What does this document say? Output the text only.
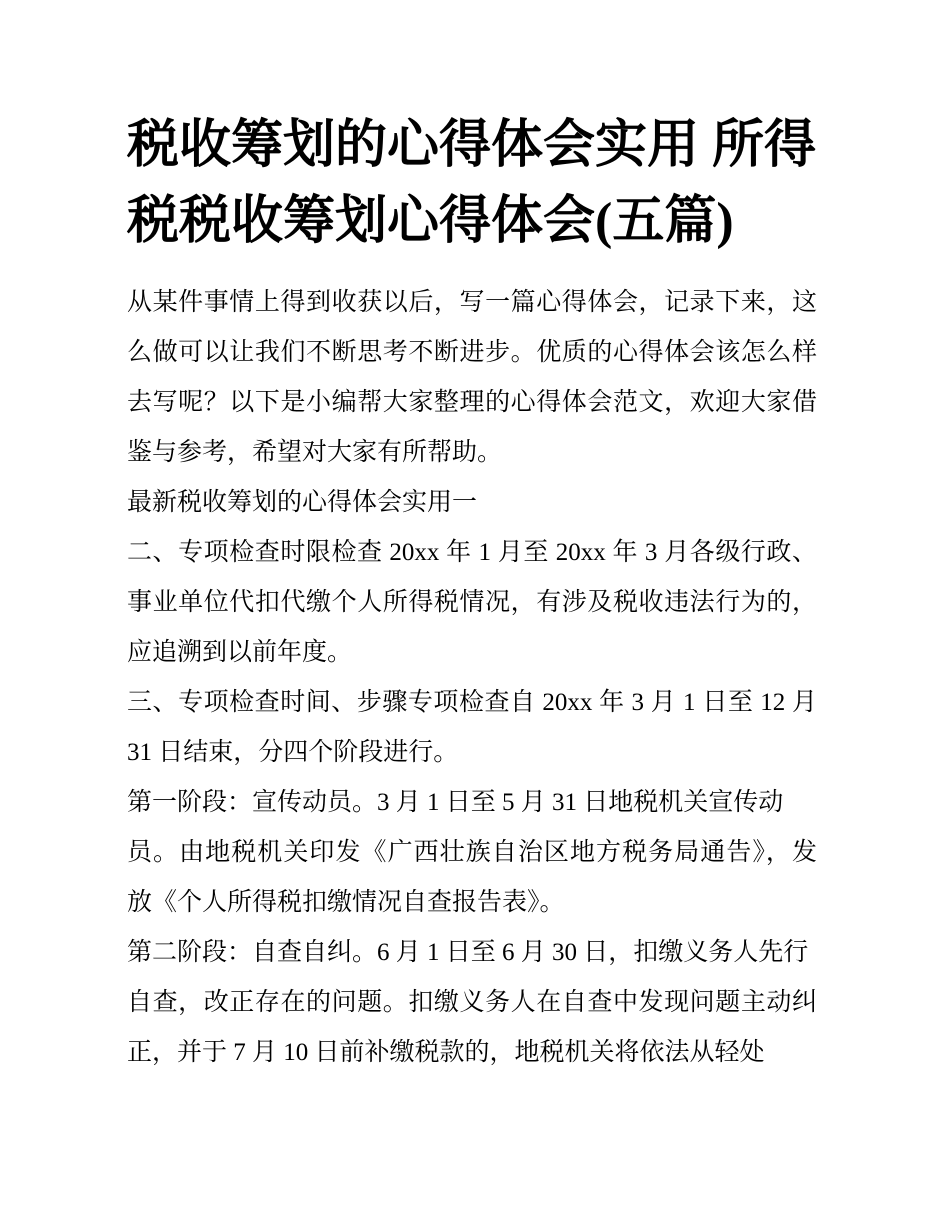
税收筹划的心得体会实用 所得
税税收筹划心得体会(五篇)
从某件事情上得到收获以后，写一篇心得体会，记录下来，这
么做可以让我们不断思考不断进步。优质的心得体会该怎么样
去写呢？以下是小编帮大家整理的心得体会范文，欢迎大家借
鉴与参考，希望对大家有所帮助。
最新税收筹划的心得体会实用一
二、专项检查时限检查 20xx 年 1 月至 20xx 年 3 月各级行政、
事业单位代扣代缴个人所得税情况，有涉及税收违法行为的，
应追溯到以前年度。
三、专项检查时间、步骤专项检查自 20xx 年 3 月 1 日至 12 月
31 日结束，分四个阶段进行。
第一阶段：宣传动员。3 月 1 日至 5 月 31 日地税机关宣传动
员。由地税机关印发《广西壮族自治区地方税务局通告》，发
放《个人所得税扣缴情况自查报告表》。
第二阶段：自查自纠。6 月 1 日至 6 月 30 日，扣缴义务人先行
自查，改正存在的问题。扣缴义务人在自查中发现问题主动纠
正，并于 7 月 10 日前补缴税款的，地税机关将依法从轻处
